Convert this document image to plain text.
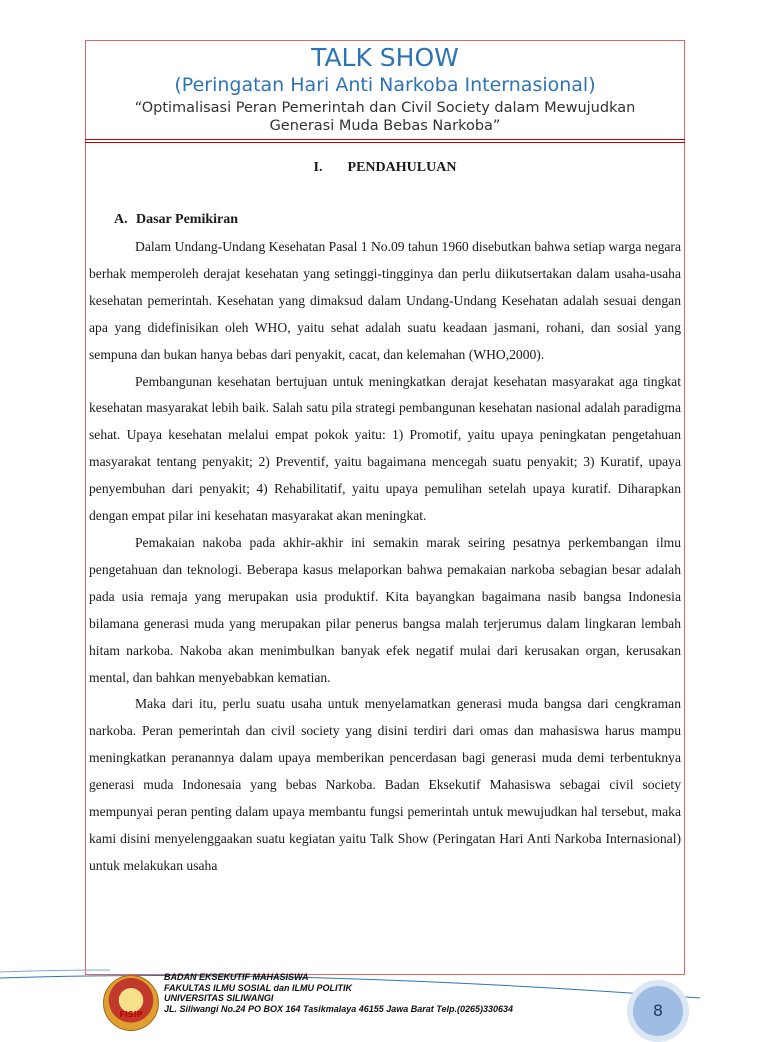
TALK SHOW
(Peringatan Hari Anti Narkoba Internasional)
“Optimalisasi Peran Pemerintah dan Civil Society dalam Mewujudkan
Generasi Muda Bebas Narkoba”
I. PENDAHULUAN
A. Dasar Pemikiran

Dalam Undang-Undang Kesehatan Pasal 1 No.09 tahun 1960 disebutkan bahwa setiap warga negara berhak memperoleh derajat kesehatan yang setinggi-tingginya dan perlu diikutsertakan dalam usaha-usaha kesehatan pemerintah. Kesehatan yang dimaksud dalam Undang-Undang Kesehatan adalah sesuai dengan apa yang didefinisikan oleh WHO, yaitu sehat adalah suatu keadaan jasmani, rohani, dan sosial yang sempuna dan bukan hanya bebas dari penyakit, cacat, dan kelemahan (WHO,2000).

Pembangunan kesehatan bertujuan untuk meningkatkan derajat kesehatan masyarakat aga tingkat kesehatan masyarakat lebih baik. Salah satu pila strategi pembangunan kesehatan nasional adalah paradigma sehat. Upaya kesehatan melalui empat pokok yaitu: 1) Promotif, yaitu upaya peningkatan pengetahuan masyarakat tentang penyakit; 2) Preventif, yaitu bagaimana mencegah suatu penyakit; 3) Kuratif, upaya penyembuhan dari penyakit; 4) Rehabilitatif, yaitu upaya pemulihan setelah upaya kuratif. Diharapkan dengan empat pilar ini kesehatan masyarakat akan meningkat.

Pemakaian nakoba pada akhir-akhir ini semakin marak seiring pesatnya perkembangan ilmu pengetahuan dan teknologi. Beberapa kasus melaporkan bahwa pemakaian narkoba sebagian besar adalah pada usia remaja yang merupakan usia produktif. Kita bayangkan bagaimana nasib bangsa Indonesia bilamana generasi muda yang merupakan pilar penerus bangsa malah terjerumus dalam lingkaran lembah hitam narkoba. Nakoba akan menimbulkan banyak efek negatif mulai dari kerusakan organ, kerusakan mental, dan bahkan menyebabkan kematian.

Maka dari itu, perlu suatu usaha untuk menyelamatkan generasi muda bangsa dari cengkraman narkoba. Peran pemerintah dan civil society yang disini terdiri dari omas dan mahasiswa harus mampu meningkatkan peranannya dalam upaya memberikan pencerdasan bagi generasi muda demi terbentuknya generasi muda Indonesaia yang bebas Narkoba. Badan Eksekutif Mahasiswa sebagai civil society mempunyai peran penting dalam upaya membantu fungsi pemerintah untuk mewujudkan hal tersebut, maka kami disini menyelenggaakan suatu kegiatan yaitu Talk Show (Peringatan Hari Anti Narkoba Internasional) untuk melakukan usaha

FISIP
BADAN EKSEKUTIF MAHASISWA
FAKULTAS ILMU SOSIAL dan ILMU POLITIK
UNIVERSITAS SILIWANGI
JL. Siliwangi No.24 PO BOX 164 Tasikmalaya 46155 Jawa Barat Telp.(0265)330634	8
